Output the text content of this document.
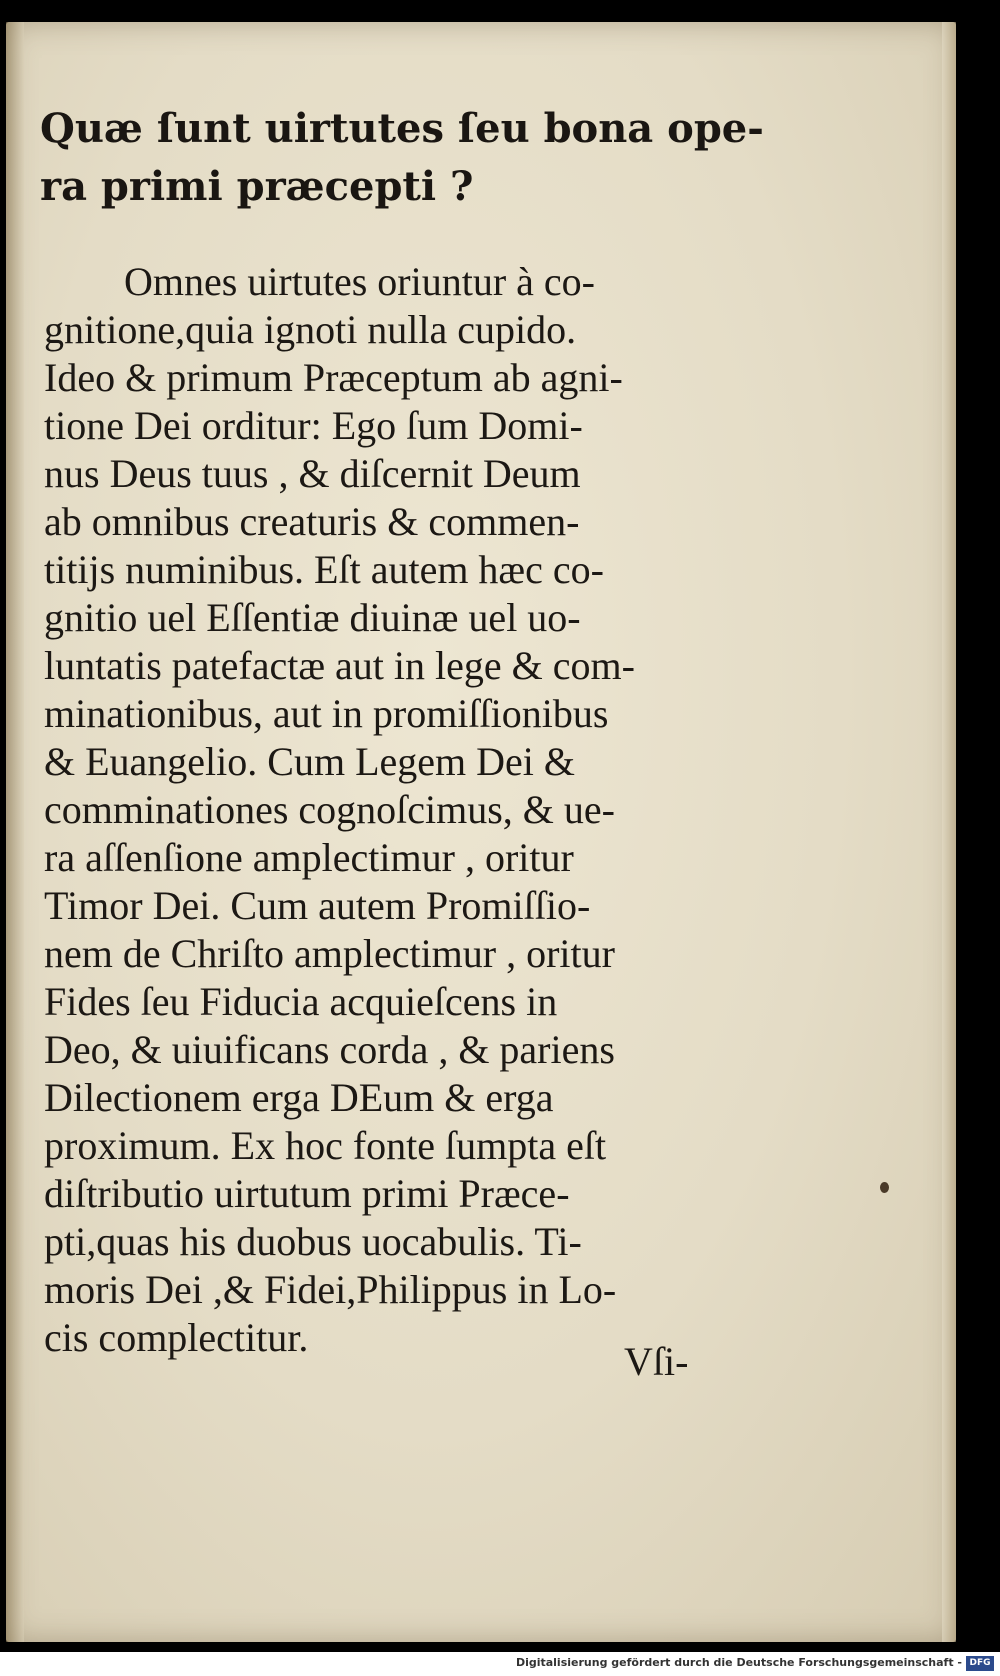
Quæ ſunt uirtutes ſeu bona ope-
ra primi præcepti ?
Omnes uirtutes oriuntur à co-
gnitione,quia ignoti nulla cupido.
Ideo & primum Præceptum ab agni-
tione Dei orditur: Ego ſum Domi-
nus Deus tuus , & diſcernit Deum
ab omnibus creaturis & commen-
titijs numinibus. Eſt autem hæc co-
gnitio uel Eſſentiæ diuinæ uel uo-
luntatis patefactæ aut in lege & com-
minationibus, aut in promiſſionibus
& Euangelio. Cum Legem Dei &
comminationes cognoſcimus, & ue-
ra aſſenſione amplectimur , oritur
Timor Dei. Cum autem Promiſſio-
nem de Chriſto amplectimur , oritur
Fides ſeu Fiducia acquieſcens in
Deo, & uiuificans corda , & pariens
Dilectionem erga DEum & erga
proximum. Ex hoc fonte ſumpta eſt
diſtributio uirtutum primi Præce-
pti,quas his duobus uocabulis. Ti-
moris Dei ,& Fidei,Philippus in Lo-
cis complectitur.
Vſi-
Digitalisierung gefördert durch die Deutsche Forschungsgemeinschaft - DFG
